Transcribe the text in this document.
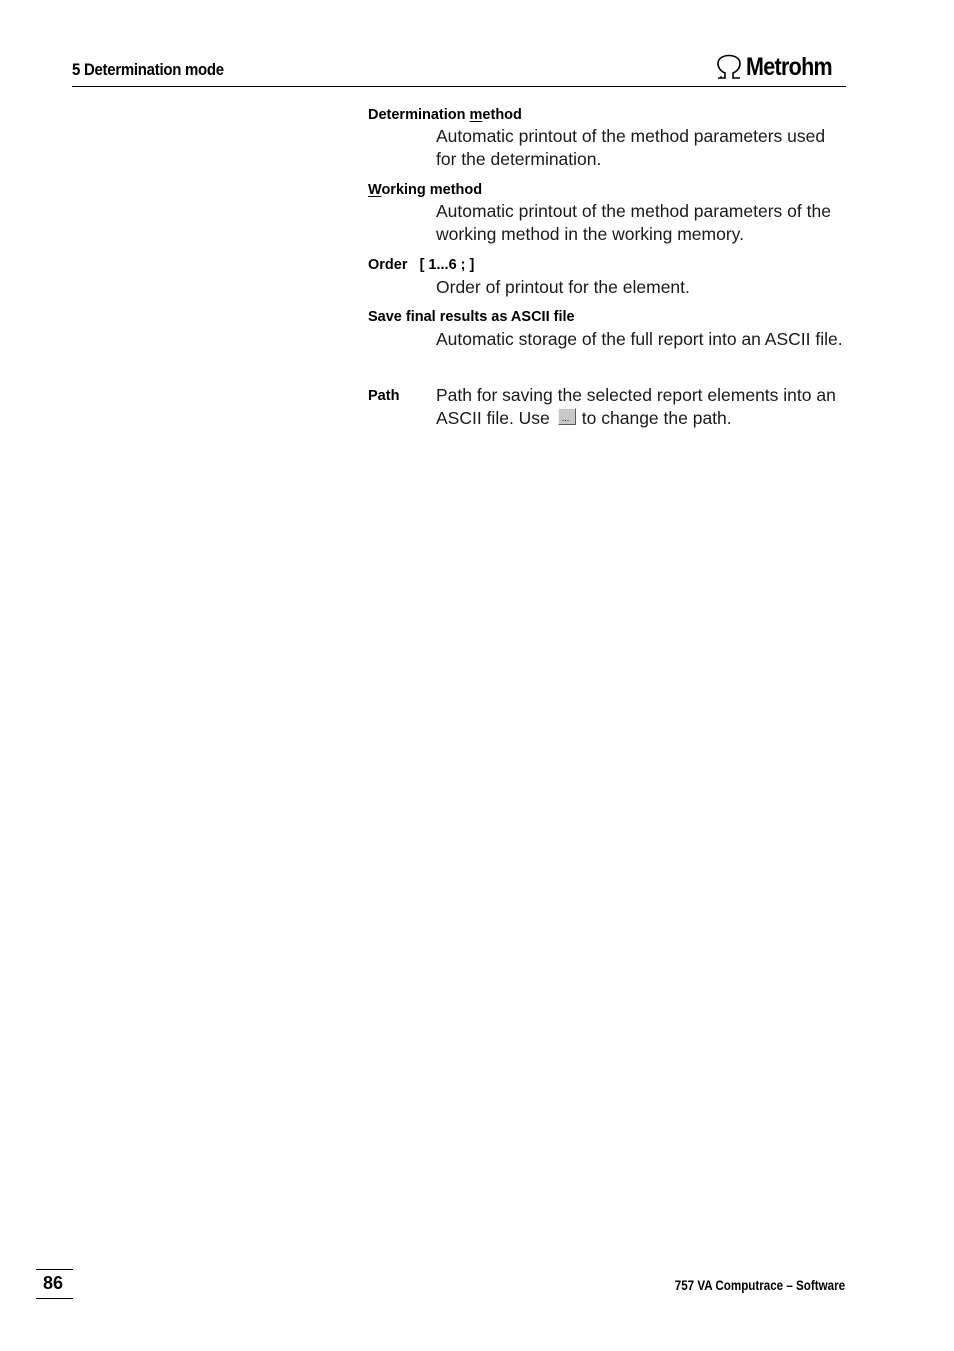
5 Determination mode	Metrohm
Determination method
Automatic printout of the method parameters used for the determination.
Working method
Automatic printout of the method parameters of the working method in the working memory.
Order   [ 1...6 ; ]
Order of printout for the element.
Save final results as ASCII file
Automatic storage of the full report into an ASCII file.
Path Path for saving the selected report elements into an ASCII file. Use ... to change the path.
86	757 VA Computrace – Software
